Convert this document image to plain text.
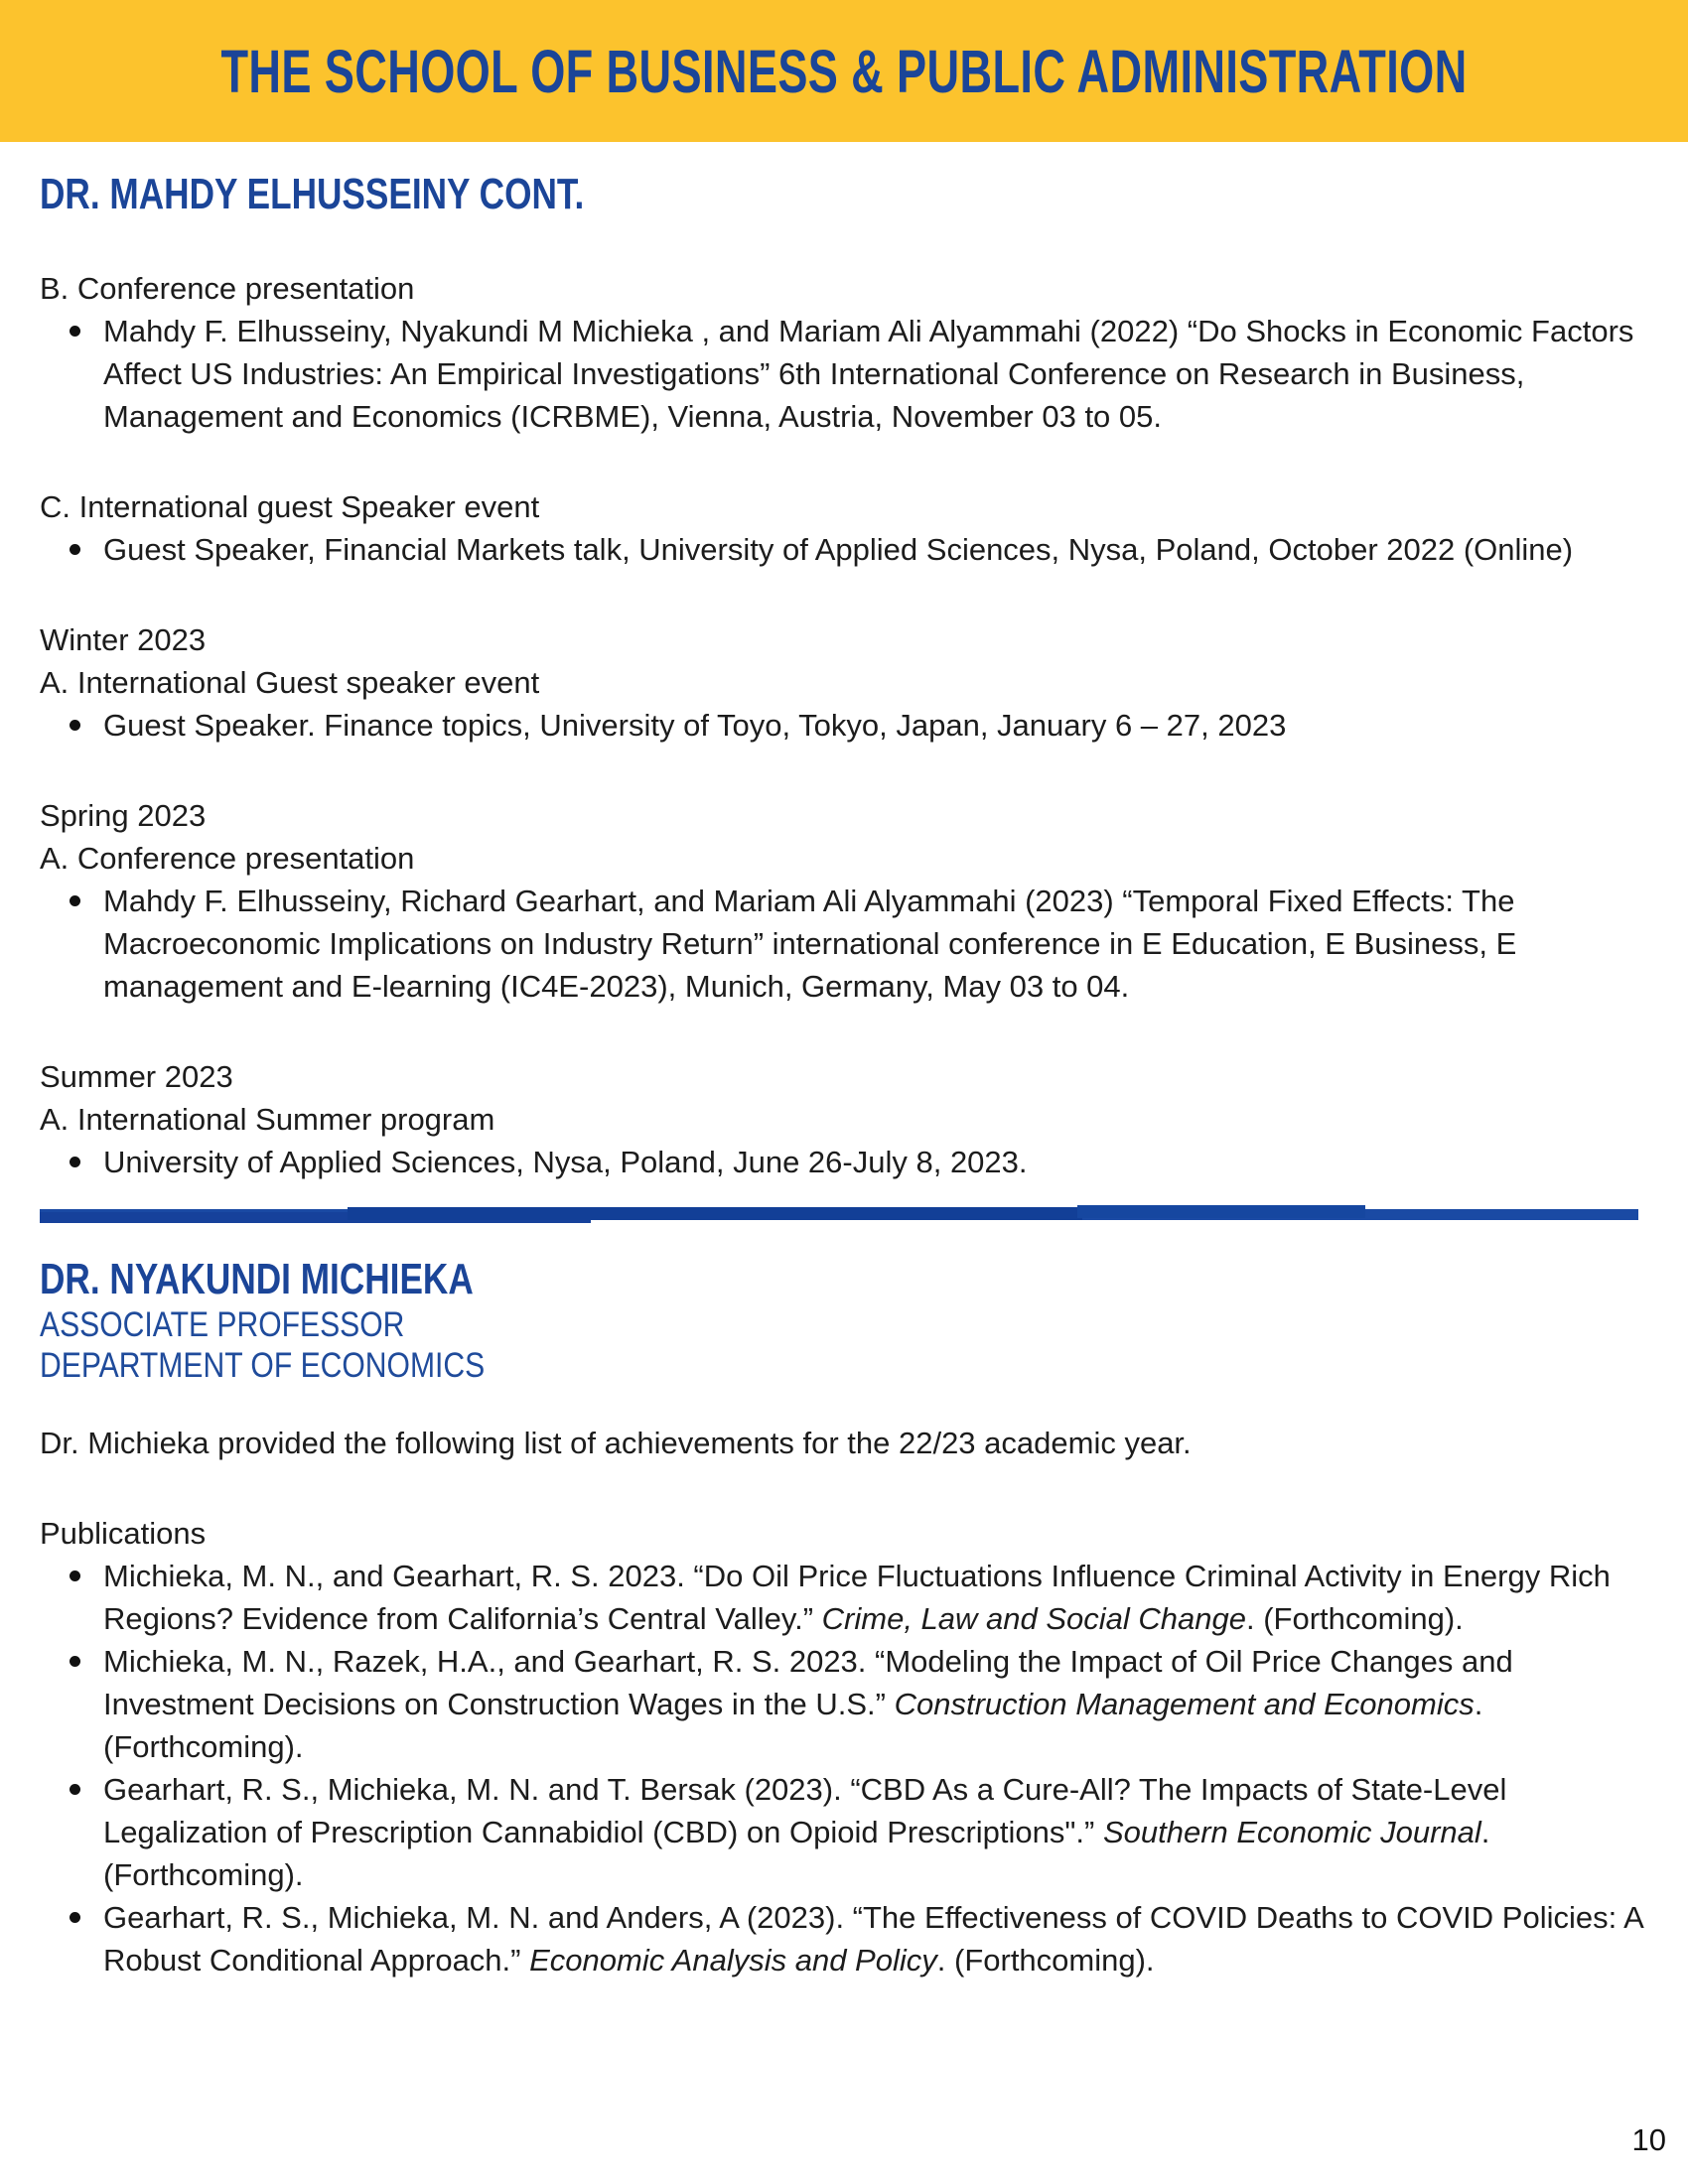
THE SCHOOL OF BUSINESS & PUBLIC ADMINISTRATION
DR. MAHDY ELHUSSEINY CONT.
B. Conference presentation
Mahdy F. Elhusseiny, Nyakundi M Michieka , and Mariam Ali Alyammahi (2022) “Do Shocks in Economic Factors Affect US Industries: An Empirical Investigations” 6th International Conference on Research in Business, Management and Economics (ICRBME), Vienna, Austria, November 03 to 05.
C. International guest Speaker event
Guest Speaker, Financial Markets talk, University of Applied Sciences, Nysa, Poland, October 2022 (Online)
Winter 2023
A. International Guest speaker event
Guest Speaker. Finance topics, University of Toyo, Tokyo, Japan, January 6 – 27, 2023
Spring 2023
A. Conference presentation
Mahdy F. Elhusseiny, Richard Gearhart, and Mariam Ali Alyammahi (2023) “Temporal Fixed Effects: The Macroeconomic Implications on Industry Return” international conference in E Education, E Business, E management and E-learning (IC4E-2023), Munich, Germany, May 03 to 04.
Summer 2023
A. International Summer program
University of Applied Sciences, Nysa, Poland, June 26-July 8, 2023.
DR. NYAKUNDI MICHIEKA
ASSOCIATE PROFESSOR
DEPARTMENT OF ECONOMICS

Dr. Michieka provided the following list of achievements for the 22/23 academic year.

Publications
Michieka, M. N., and Gearhart, R. S. 2023. “Do Oil Price Fluctuations Influence Criminal Activity in Energy Rich Regions? Evidence from California’s Central Valley.” Crime, Law and Social Change. (Forthcoming).
Michieka, M. N., Razek, H.A., and Gearhart, R. S. 2023. “Modeling the Impact of Oil Price Changes and Investment Decisions on Construction Wages in the U.S.” Construction Management and Economics. (Forthcoming).
Gearhart, R. S., Michieka, M. N. and T. Bersak (2023). “CBD As a Cure-All? The Impacts of State-Level Legalization of Prescription Cannabidiol (CBD) on Opioid Prescriptions".” Southern Economic Journal. (Forthcoming).
Gearhart, R. S., Michieka, M. N. and Anders, A (2023). “The Effectiveness of COVID Deaths to COVID Policies: A Robust Conditional Approach.” Economic Analysis and Policy. (Forthcoming).
10
